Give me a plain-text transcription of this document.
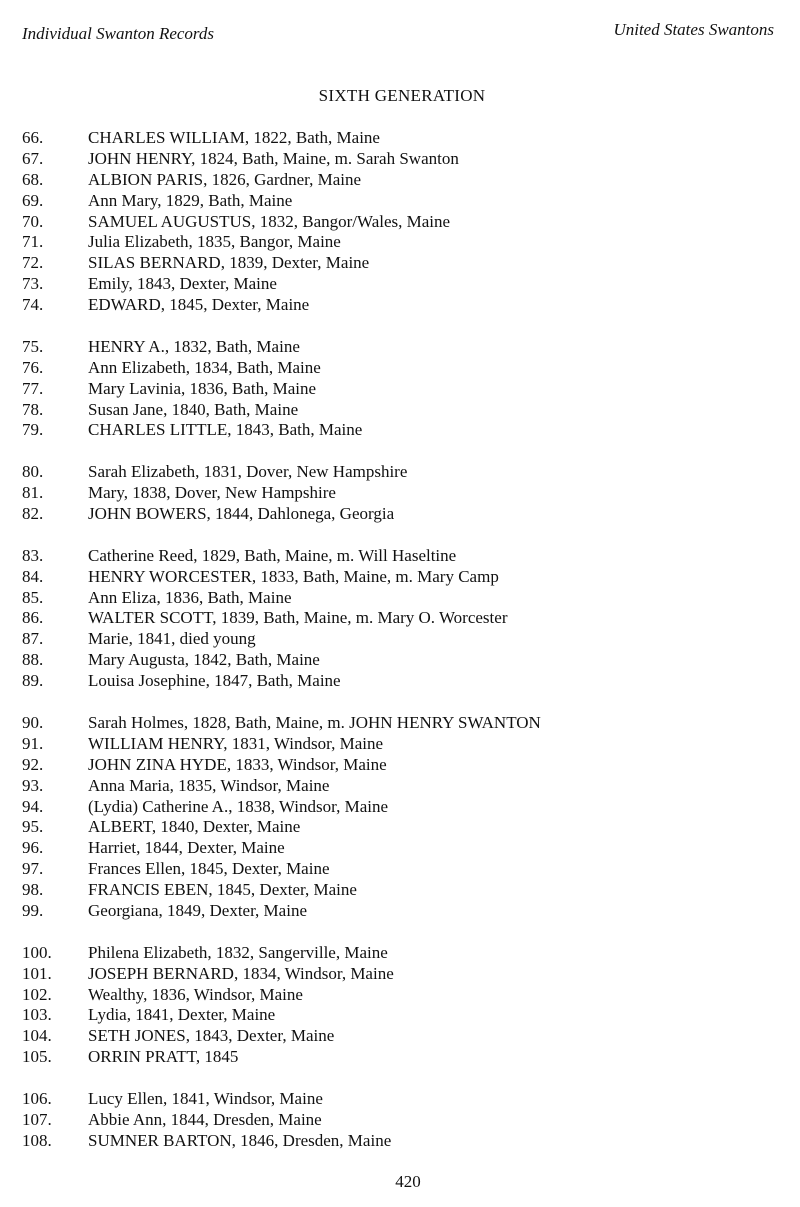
Individual Swanton Records	United States Swantons
SIXTH GENERATION
66.	CHARLES WILLIAM, 1822, Bath, Maine
67.	JOHN HENRY, 1824, Bath, Maine, m. Sarah Swanton
68.	ALBION PARIS, 1826, Gardner, Maine
69.	Ann Mary, 1829, Bath, Maine
70.	SAMUEL AUGUSTUS, 1832, Bangor/Wales, Maine
71.	Julia Elizabeth, 1835, Bangor, Maine
72.	SILAS BERNARD, 1839, Dexter, Maine
73.	Emily, 1843, Dexter, Maine
74.	EDWARD, 1845, Dexter, Maine
75.	HENRY A., 1832, Bath, Maine
76.	Ann Elizabeth, 1834, Bath, Maine
77.	Mary Lavinia, 1836, Bath, Maine
78.	Susan Jane, 1840, Bath, Maine
79.	CHARLES LITTLE, 1843, Bath, Maine
80.	Sarah Elizabeth, 1831, Dover, New Hampshire
81.	Mary, 1838, Dover, New Hampshire
82.	JOHN BOWERS, 1844, Dahlonega, Georgia
83.	Catherine Reed, 1829, Bath, Maine, m. Will Haseltine
84.	HENRY WORCESTER, 1833, Bath, Maine, m. Mary Camp
85.	Ann Eliza, 1836, Bath, Maine
86.	WALTER SCOTT, 1839, Bath, Maine, m. Mary O. Worcester
87.	Marie, 1841, died young
88.	Mary Augusta, 1842, Bath, Maine
89.	Louisa Josephine, 1847, Bath, Maine
90.	Sarah Holmes, 1828, Bath, Maine, m. JOHN HENRY SWANTON
91.	WILLIAM HENRY, 1831, Windsor, Maine
92.	JOHN ZINA HYDE, 1833, Windsor, Maine
93.	Anna Maria, 1835, Windsor, Maine
94.	(Lydia) Catherine A., 1838, Windsor, Maine
95.	ALBERT, 1840, Dexter, Maine
96.	Harriet, 1844, Dexter, Maine
97.	Frances Ellen, 1845, Dexter, Maine
98.	FRANCIS EBEN, 1845, Dexter, Maine
99.	Georgiana, 1849, Dexter, Maine
100. Philena Elizabeth, 1832, Sangerville, Maine
101. JOSEPH BERNARD, 1834, Windsor, Maine
102. Wealthy, 1836, Windsor, Maine
103. Lydia, 1841, Dexter, Maine
104. SETH JONES, 1843, Dexter, Maine
105. ORRIN PRATT, 1845
106. Lucy Ellen, 1841, Windsor, Maine
107. Abbie Ann, 1844, Dresden, Maine
108. SUMNER BARTON, 1846, Dresden, Maine
420
